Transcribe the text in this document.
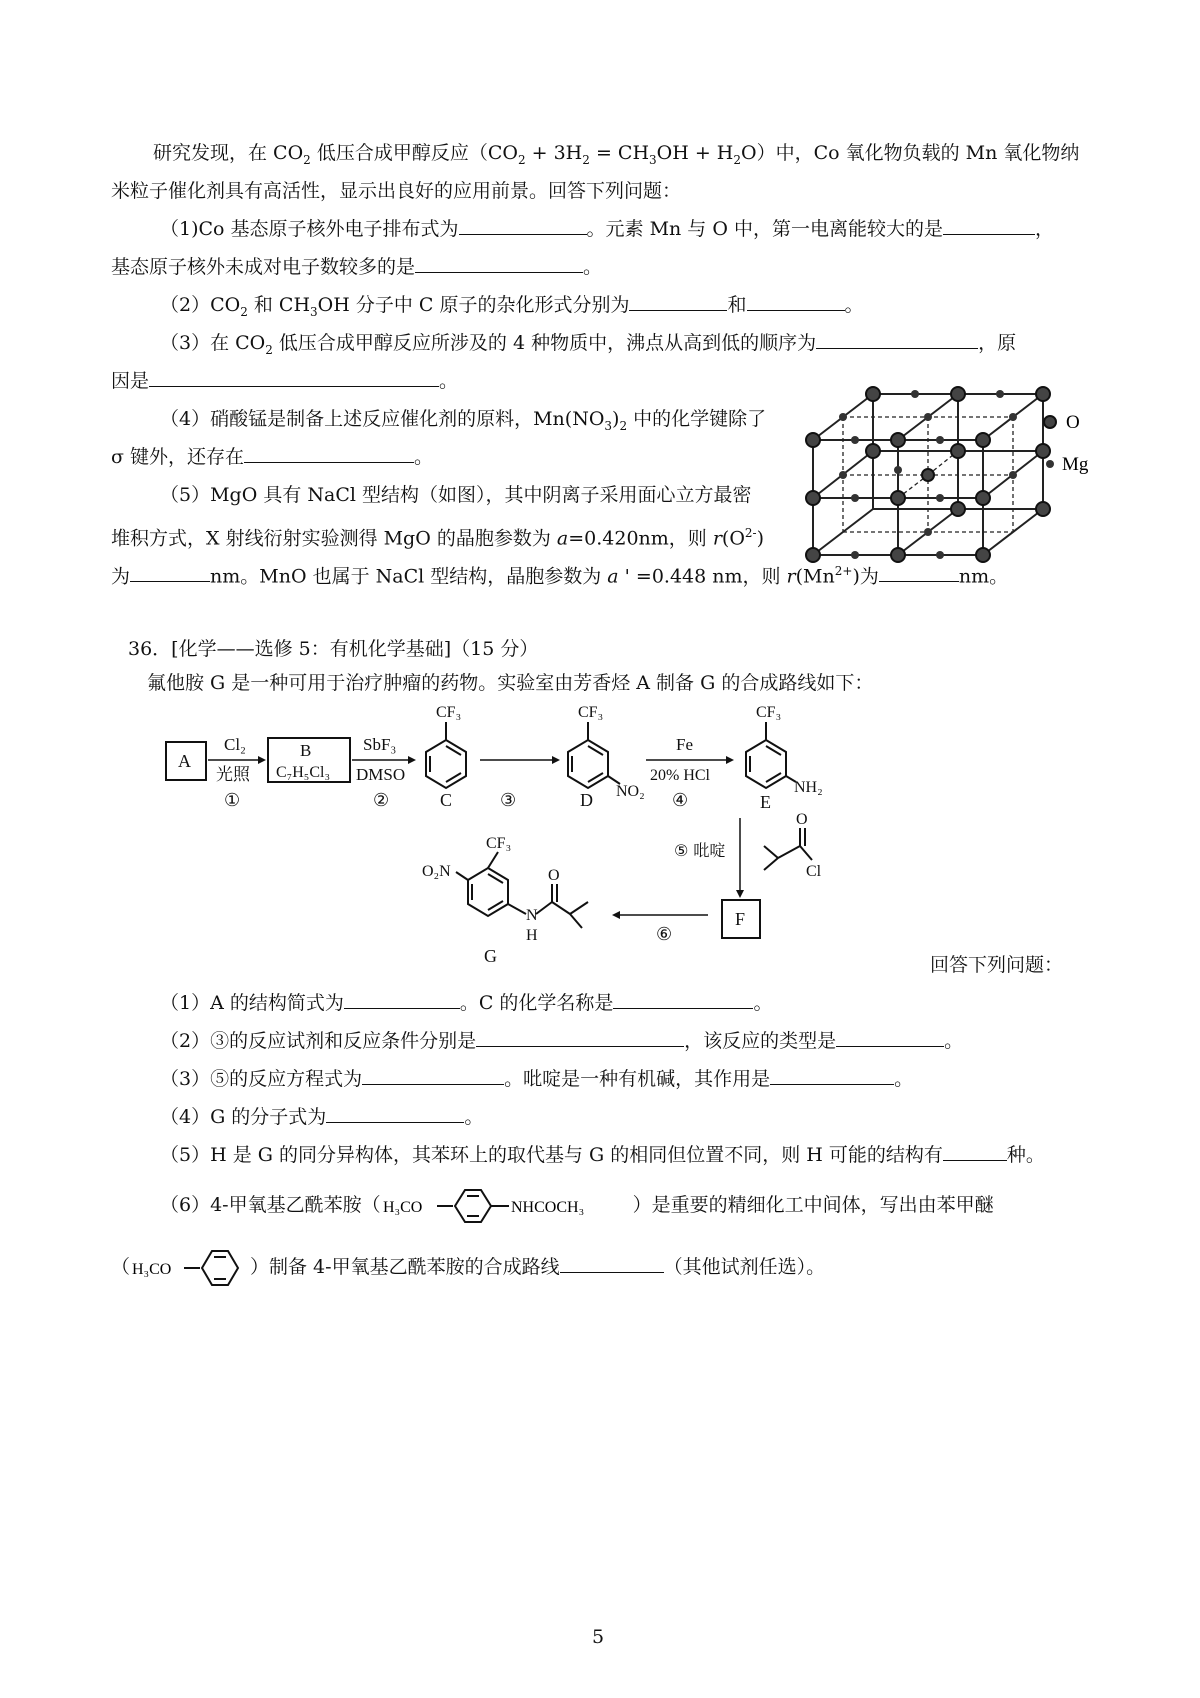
研究发现，在 $CO_2$ 低压合成甲醇反应$(CO_2 + 3H_2 = CH_3OH + H_2O)$中，Co 氧化物负载的 Mn 氧化物纳
米粒子催化剂具有高活性，显示出良好的应用前景。回答下列问题：
（1)Co 基态原子核外电子排布式为	。元素 Mn 与 O 中，第一电离能较大的是	，
基态原子核外未成对电子数较多的是	。
$(2)CO_2$ 和 $CH_3OH$ 分子中 C 原子的杂化形式分别为	和	。
（3）在 $CO_2$ 低压合成甲醇反应所涉及的 4 种物质中，沸点从高到低的顺序为	，原
因是	。
（4）硝酸锰是制备上述反应催化剂的原料，$Mn(NO_3)_2$ 中的化学键除了
σ 键外，还存在	。
（5）MgO 具有 NaCl 型结构（如图），其中阴离子采用面心立方最密
堆积方式，X 射线衍射实验测得 MgO 的晶胞参数为 a=0.420nm，则 $r(O^{2-})$
为	nm。MnO 也属于 NaCl 型结构，晶胞参数为 a ' =0.448 nm，则 $r(Mn^{2+})$为	nm。
O
Mg
36．[化学——选修 5：有机化学基础]（15 分）
氟他胺 G 是一种可用于治疗肿瘤的药物。实验室由芳香烃 A 制备 G 的合成路线如下：
A
Cl₂
光照
①
B
C₇H₅Cl₃
SbF₃
DMSO
②
CF₃
C	③
CF₃
NO₂
D
Fe
20% HCl
④
CF₃
NH₂
E
⑤ 吡啶
O
Cl
F
⑥
CF₃
O₂N
N
H
O
G	回答下列问题：
（1）A 的结构简式为	。C 的化学名称是	。
（2）③的反应试剂和反应条件分别是	，该反应的类型是	。
（3）⑤的反应方程式为	。吡啶是一种有机碱，其作用是	。
（4）G 的分子式为	。
（5）H 是 G 的同分异构体，其苯环上的取代基与 G 的相同但位置不同，则 H 可能的结构有	种。
（6）4-甲氧基乙酰苯胺（ H₃CO	NHCOCH₃	）是重要的精细化工中间体，写出由苯甲醚
（ H₃CO	）制备 4-甲氧基乙酰苯胺的合成路线	（其他试剂任选）。
5
